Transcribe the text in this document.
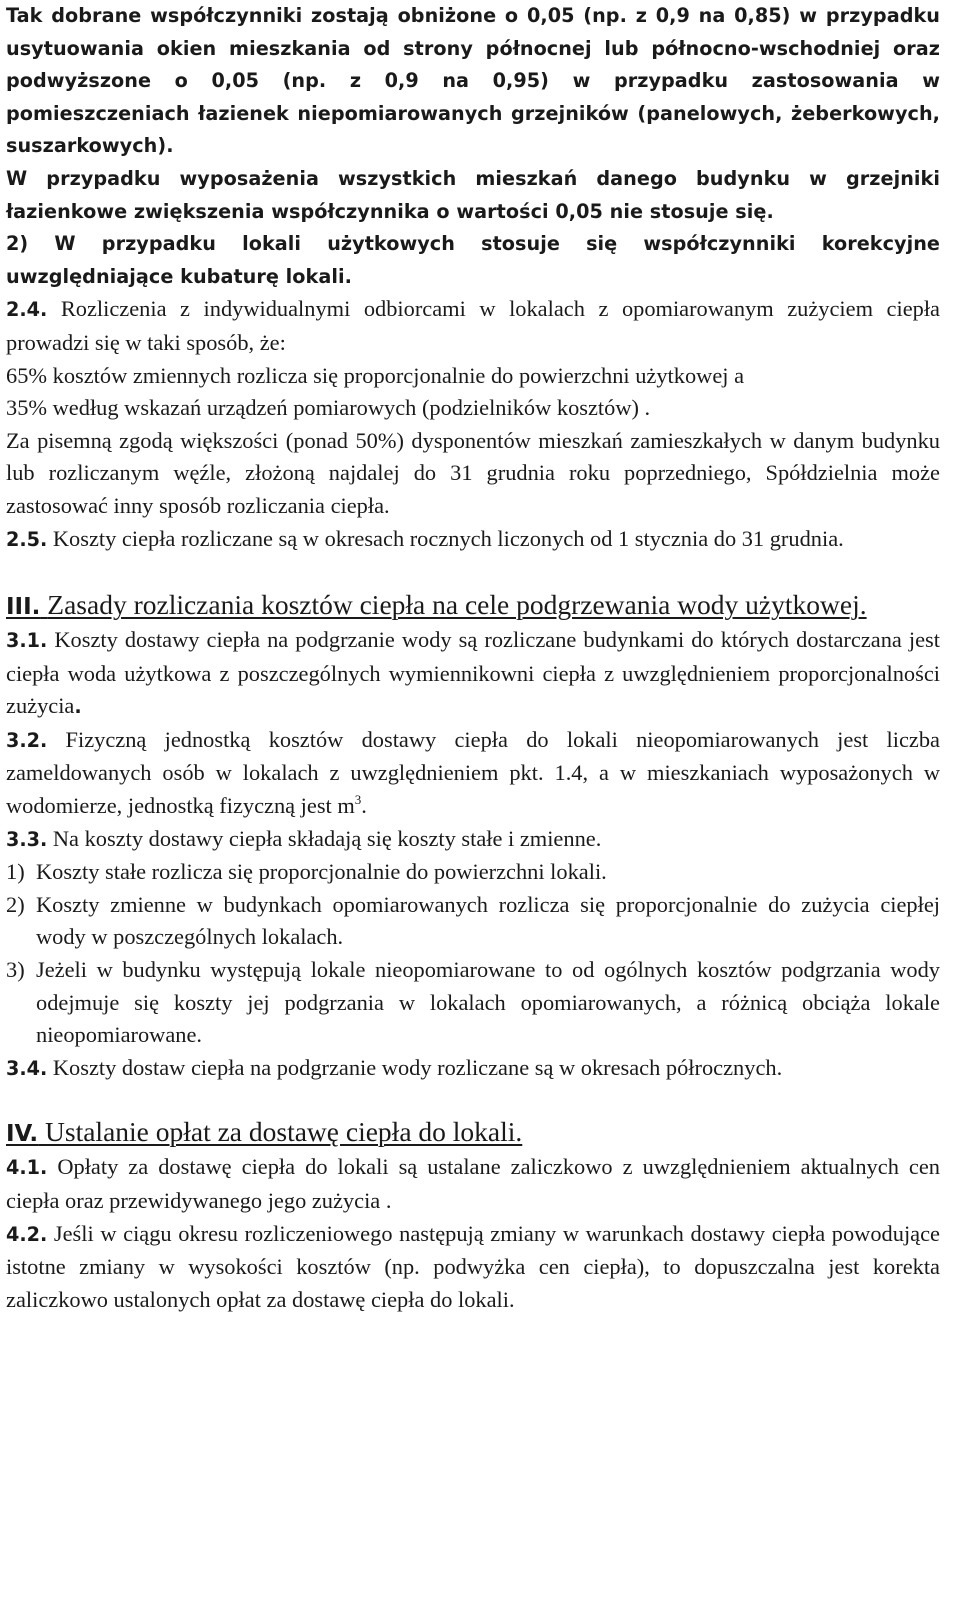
Tak dobrane współczynniki zostają obniżone o 0,05 (np. z 0,9 na 0,85) w przypadku usytuowania okien mieszkania od strony północnej lub północno-wschodniej oraz podwyższone o 0,05 (np. z 0,9 na 0,95) w przypadku zastosowania w pomieszczeniach łazienek niepomiarowanych grzejników (panelowych, żeberkowych, suszarkowych).

W przypadku wyposażenia wszystkich mieszkań danego budynku w grzejniki łazienkowe zwiększenia współczynnika o wartości 0,05 nie stosuje się.

2) W przypadku lokali użytkowych stosuje się współczynniki korekcyjne uwzględniające kubaturę lokali.

2.4. Rozliczenia z indywidualnymi odbiorcami w lokalach z opomiarowanym zużyciem ciepła prowadzi się w taki sposób, że:

65% kosztów zmiennych rozlicza się proporcjonalnie do powierzchni użytkowej a

35% według wskazań urządzeń pomiarowych (podzielników kosztów) .

Za pisemną zgodą większości (ponad 50%) dysponentów mieszkań zamieszkałych w danym budynku lub rozliczanym węźle, złożoną najdalej do 31 grudnia roku poprzedniego, Spółdzielnia może zastosować inny sposób rozliczania ciepła.

2.5. Koszty ciepła rozliczane są w okresach rocznych liczonych od 1 stycznia do 31 grudnia.

III. Zasady rozliczania kosztów ciepła na cele podgrzewania wody użytkowej.

3.1. Koszty dostawy ciepła na podgrzanie wody są rozliczane budynkami do których dostarczana jest ciepła woda użytkowa z poszczególnych wymiennikowni ciepła z uwzględnieniem proporcjonalności zużycia.

3.2. Fizyczną jednostką kosztów dostawy ciepła do lokali nieopomiarowanych jest liczba zameldowanych osób w lokalach z uwzględnieniem pkt. 1.4, a w mieszkaniach wyposażonych w wodomierze, jednostką fizyczną jest $m^3$.

3.3. Na koszty dostawy ciepła składają się koszty stałe i zmienne.

1) Koszty stałe rozlicza się proporcjonalnie do powierzchni lokali.
2) Koszty zmienne w budynkach opomiarowanych rozlicza się proporcjonalnie do zużycia ciepłej wody w poszczególnych lokalach.
3) Jeżeli w budynku występują lokale nieopomiarowane to od ogólnych kosztów podgrzania wody odejmuje się koszty jej podgrzania w lokalach opomiarowanych, a różnicą obciąża lokale nieopomiarowane.

3.4. Koszty dostaw ciepła na podgrzanie wody rozliczane są w okresach półrocznych.

IV. Ustalanie opłat za dostawę ciepła do lokali.

4.1. Opłaty za dostawę ciepła do lokali są ustalane zaliczkowo z uwzględnieniem aktualnych cen ciepła oraz przewidywanego jego zużycia .

4.2. Jeśli w ciągu okresu rozliczeniowego następują zmiany w warunkach dostawy ciepła powodujące istotne zmiany w wysokości kosztów (np. podwyżka cen ciepła), to dopuszczalna jest korekta zaliczkowo ustalonych opłat za dostawę ciepła do lokali.
